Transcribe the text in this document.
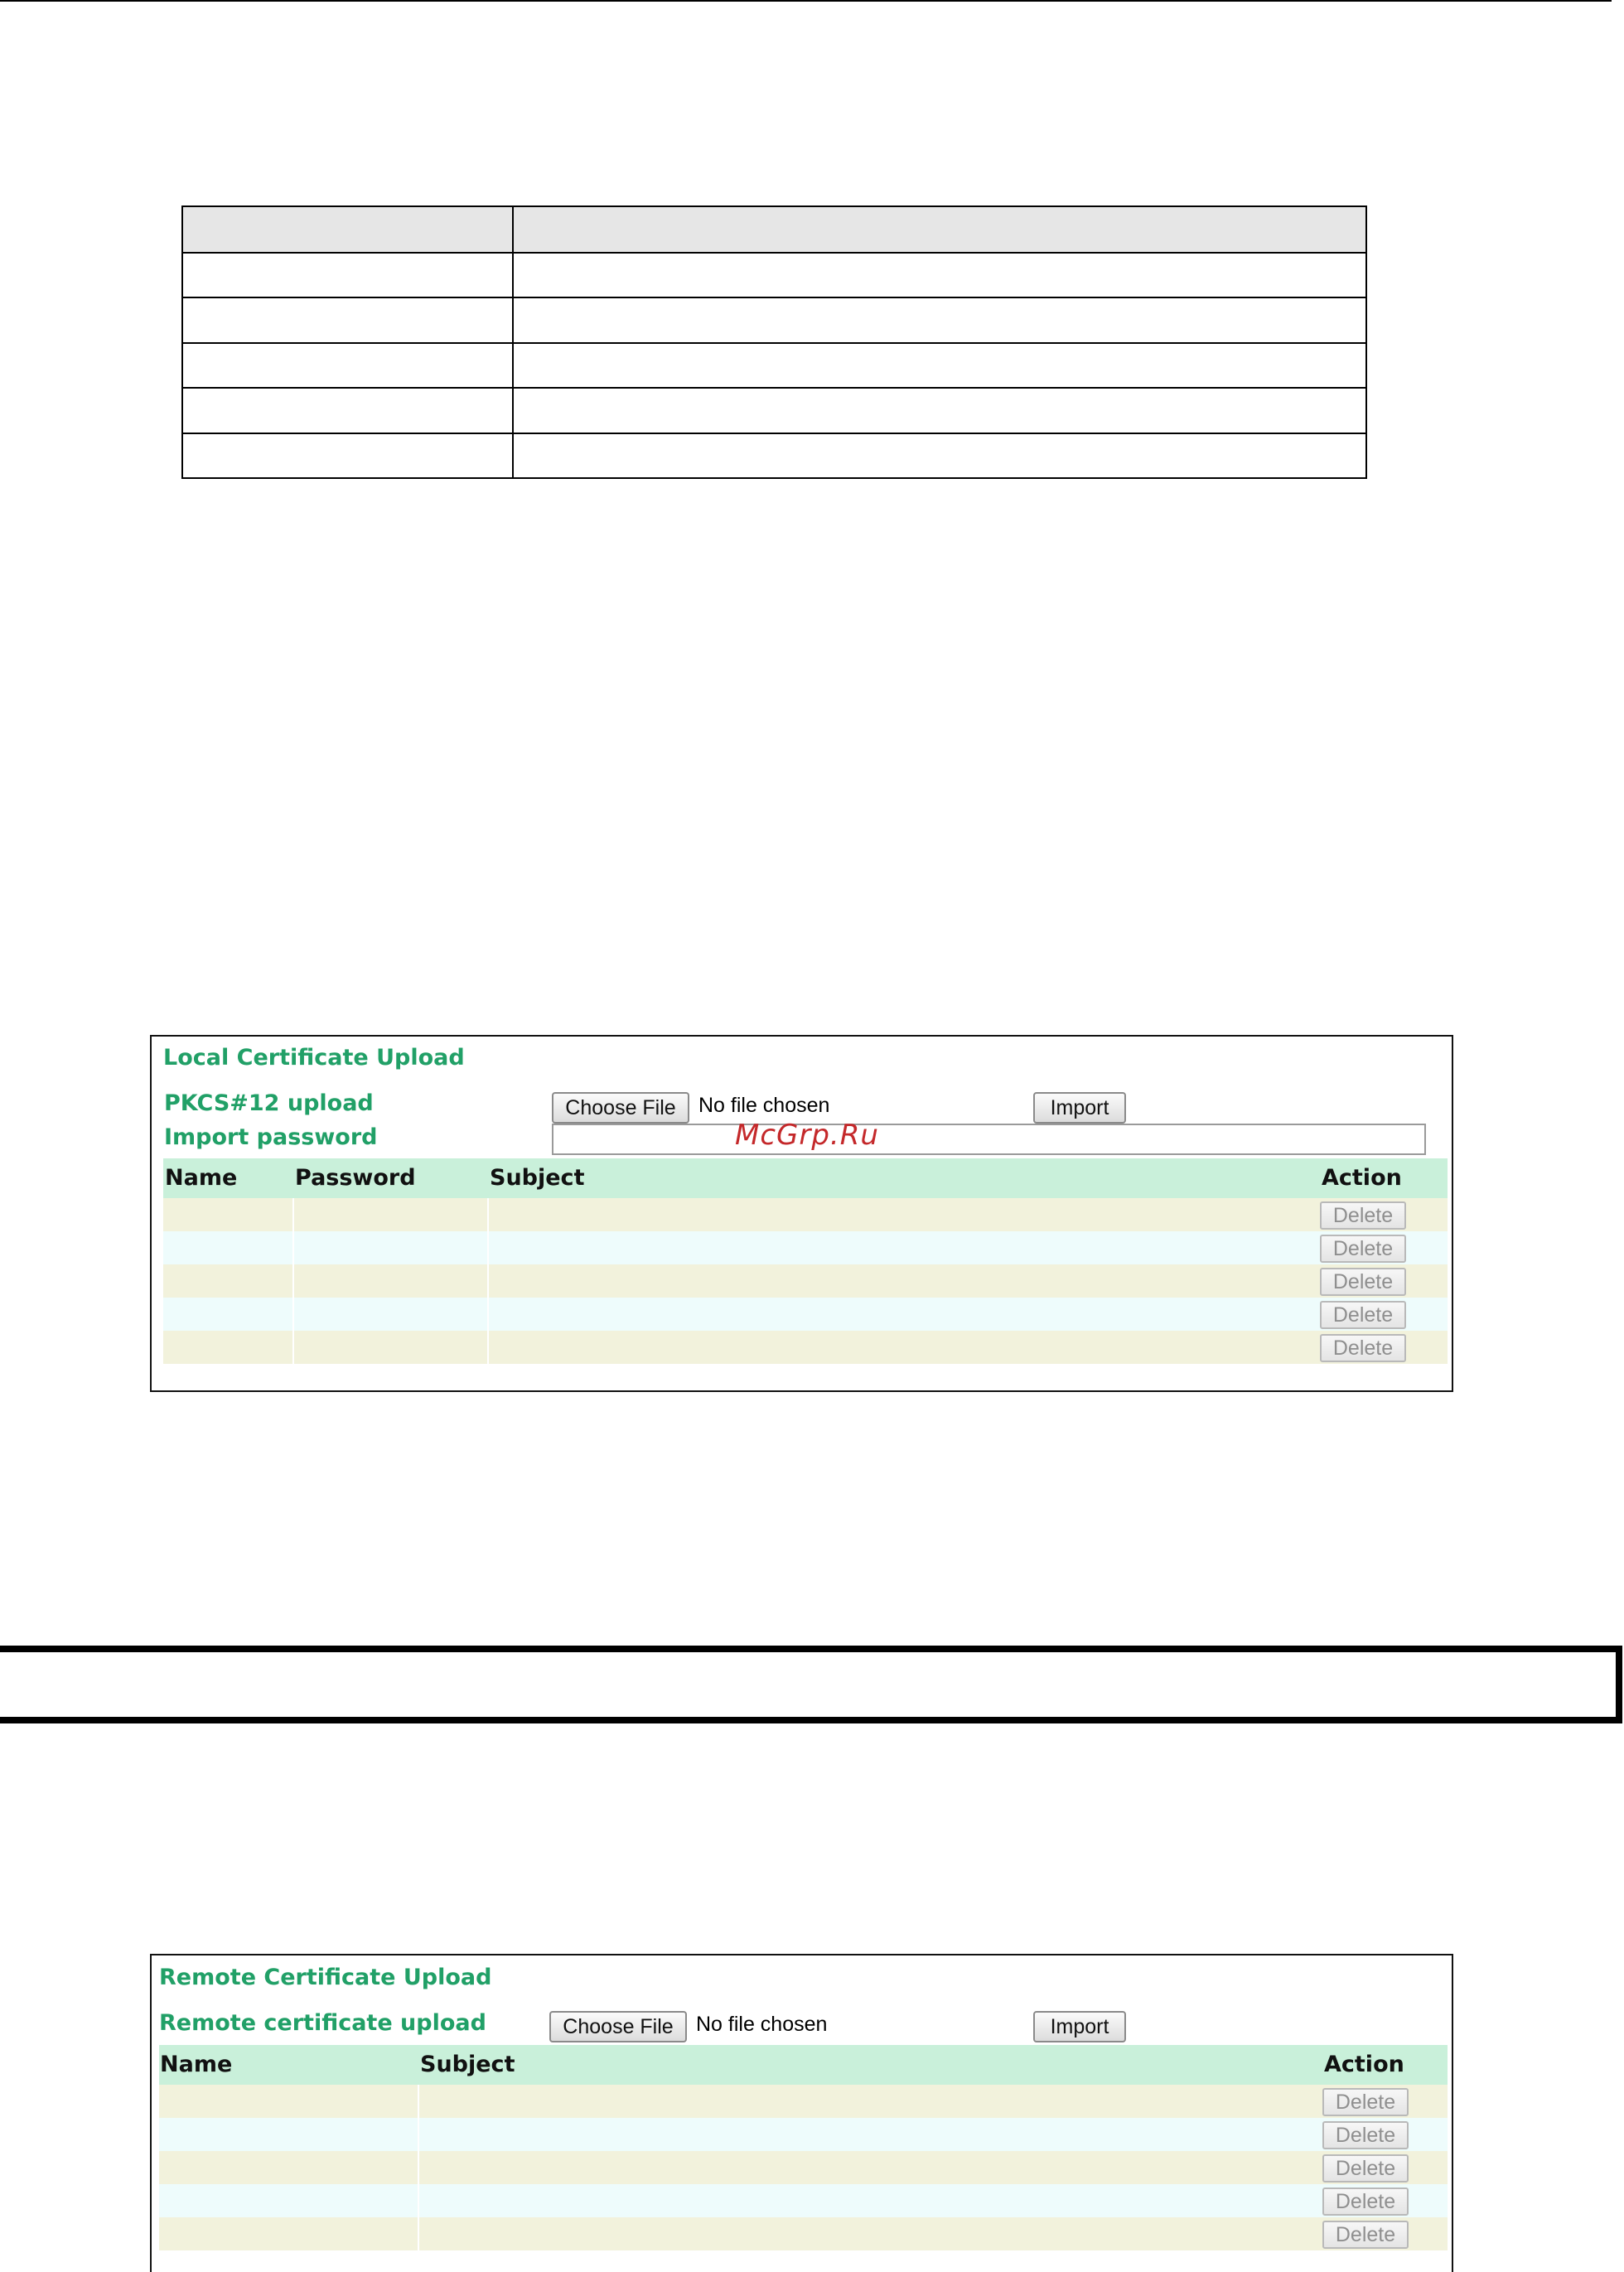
Local Certificate Upload
PKCS#12 upload
Import password
Choose File	No file chosen	Import
McGrp.Ru
Name	Password	Subject	Action
Delete
Delete
Delete
Delete
Delete
Remote Certificate Upload
Remote certificate upload	Choose File	No file chosen	Import
Name	Subject	Action
Delete
Delete
Delete
Delete
Delete
